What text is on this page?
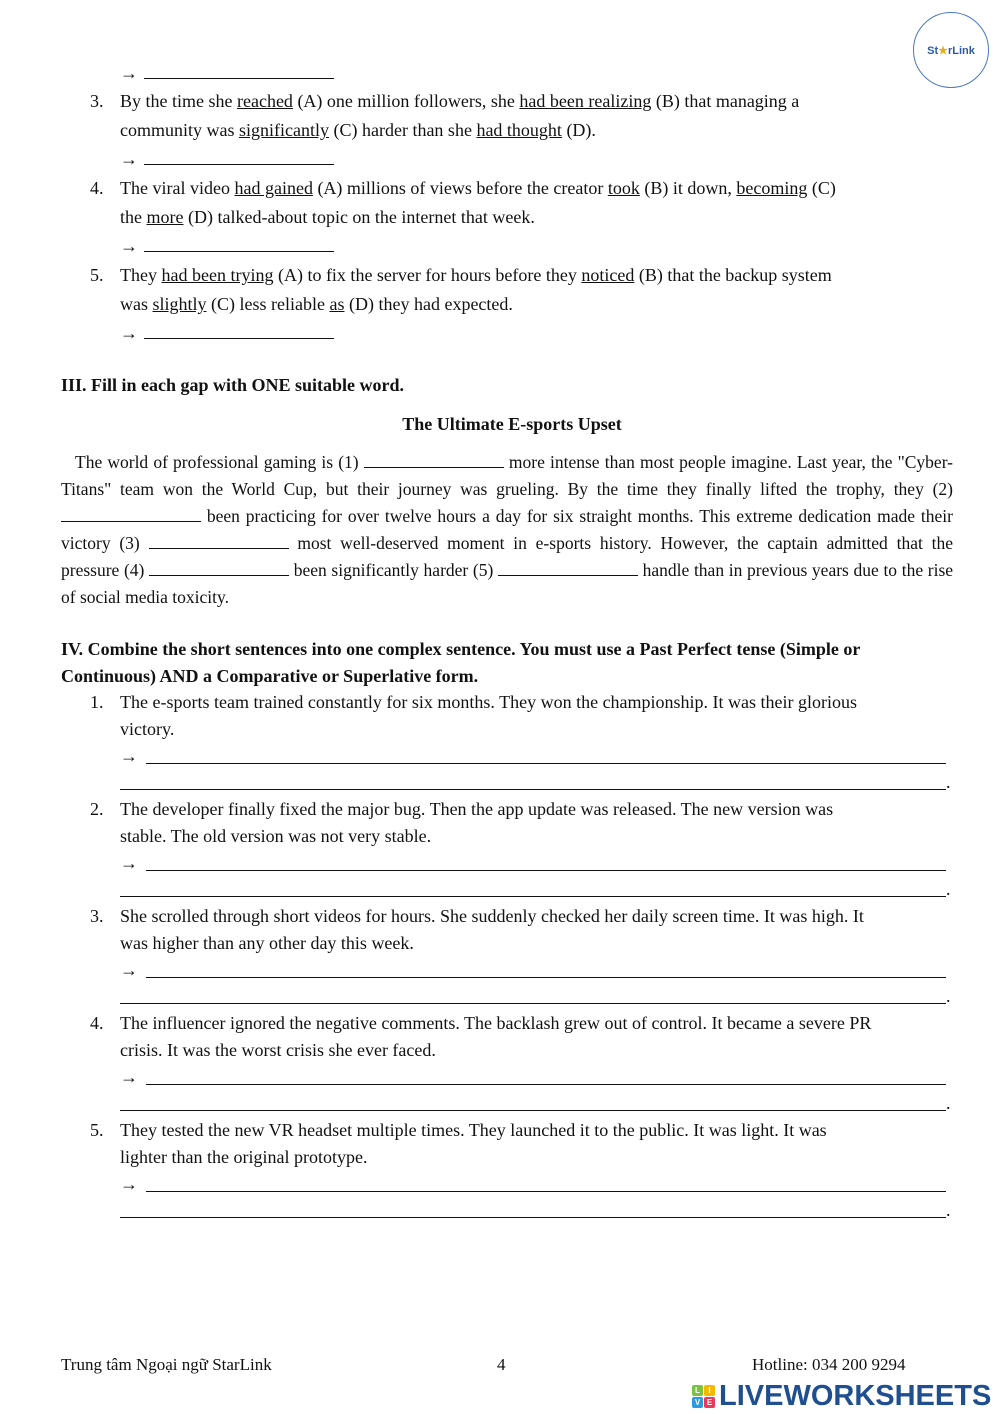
St★rLink
→
3. By the time she reached (A) one million followers, she had been realizing (B) that managing a
community was significantly (C) harder than she had thought (D).
→
4. The viral video had gained (A) millions of views before the creator took (B) it down, becoming (C)
the more (D) talked-about topic on the internet that week.
→
5. They had been trying (A) to fix the server for hours before they noticed (B) that the backup system
was slightly (C) less reliable as (D) they had expected.
→
III. Fill in each gap with ONE suitable word.
The Ultimate E-sports Upset
The world of professional gaming is (1)	more intense than most people imagine. Last year, the "Cyber-Titans" team won the World Cup, but their journey was grueling. By the time they finally lifted the trophy, they (2)  been practicing for over twelve hours a day for six straight months. This extreme dedication made their victory (3)	most well-deserved moment in e-sports history. However, the captain admitted that the pressure (4)	been significantly harder (5)	handle than in previous years due to the rise of social media toxicity.
IV. Combine the short sentences into one complex sentence. You must use a Past Perfect tense (Simple or
Continuous) AND a Comparative or Superlative form.
1. The e-sports team trained constantly for six months. They won the championship. It was their glorious
victory.
→
.
2. The developer finally fixed the major bug. Then the app update was released. The new version was
stable. The old version was not very stable.
→
.
3. She scrolled through short videos for hours. She suddenly checked her daily screen time. It was high. It
was higher than any other day this week.
→
.
4. The influencer ignored the negative comments. The backlash grew out of control. It became a severe PR
crisis. It was the worst crisis she ever faced.
→
.
5. They tested the new VR headset multiple times. They launched it to the public. It was light. It was
lighter than the original prototype.
→
.
Trung tâm Ngoại ngữ StarLink	4	Hotline: 034 200 9294
L	I
V E LIVEWORKSHEETS
